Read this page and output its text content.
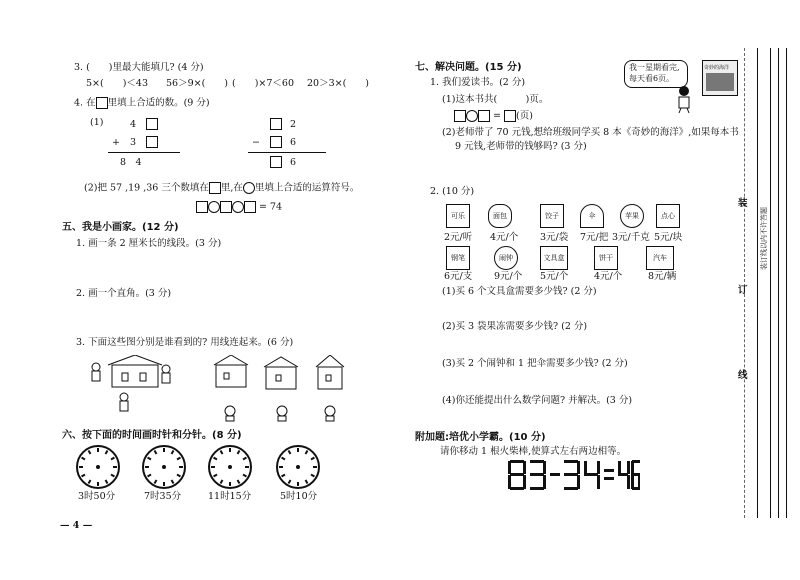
3. (　　)里最大能填几? (4 分)
5×(　　)＜43 56＞9×(　　) (　　)×7＜60 20＞3×(　　)
4. 在 里填上合适的数。(9 分)
(1)	4
+ 3
8　4
2
−	6
6
(2)把 57 ,19 ,36 三个数填在 里,在 里填上合适的运算符号。
= 74
五、我是小画家。(12 分)
1. 画一条 2 厘米长的线段。(3 分)
2. 画一个直角。(3 分)
3. 下面这些图分别是谁看到的? 用线连起来。(6 分)
六、按下面的时间画时针和分针。(8 分)
3时50分	7时35分	11时15分	5时10分
— 4 —
七、解决问题。(15 分)	我一星期看完,
每天看6页。
奇妙的海洋
1. 我们爱读书。(2 分)
(1)这本书共(　　　)页。
= (页)
(2)老师带了 70 元钱,想给班级同学买 8 本《奇妙的海洋》,如果每本书
9 元钱,老师带的钱够吗? (3 分)
2. (10 分)
可乐	面包	饺子	伞	苹果	点心
2元/听 4元/个 3元/袋 7元/把 3元/千克 5元/块
钢笔	闹钟	文具盒	饼干	汽车
6元/支 9元/个 5元/个	4元/个	8元/辆
(1)买 6 个文具盒需要多少钱? (2 分)
(2)买 3 袋果冻需要多少钱? (2 分)
(3)买 2 个闹钟和 1 把伞需要多少钱? (2 分)
(4)你还能提出什么数学问题? 并解决。(3 分)
附加题:培优小学霸。(10 分)
请你移动 1 根火柴棒,使算式左右两边相等。
装
订
线
装订线以内不许答题
